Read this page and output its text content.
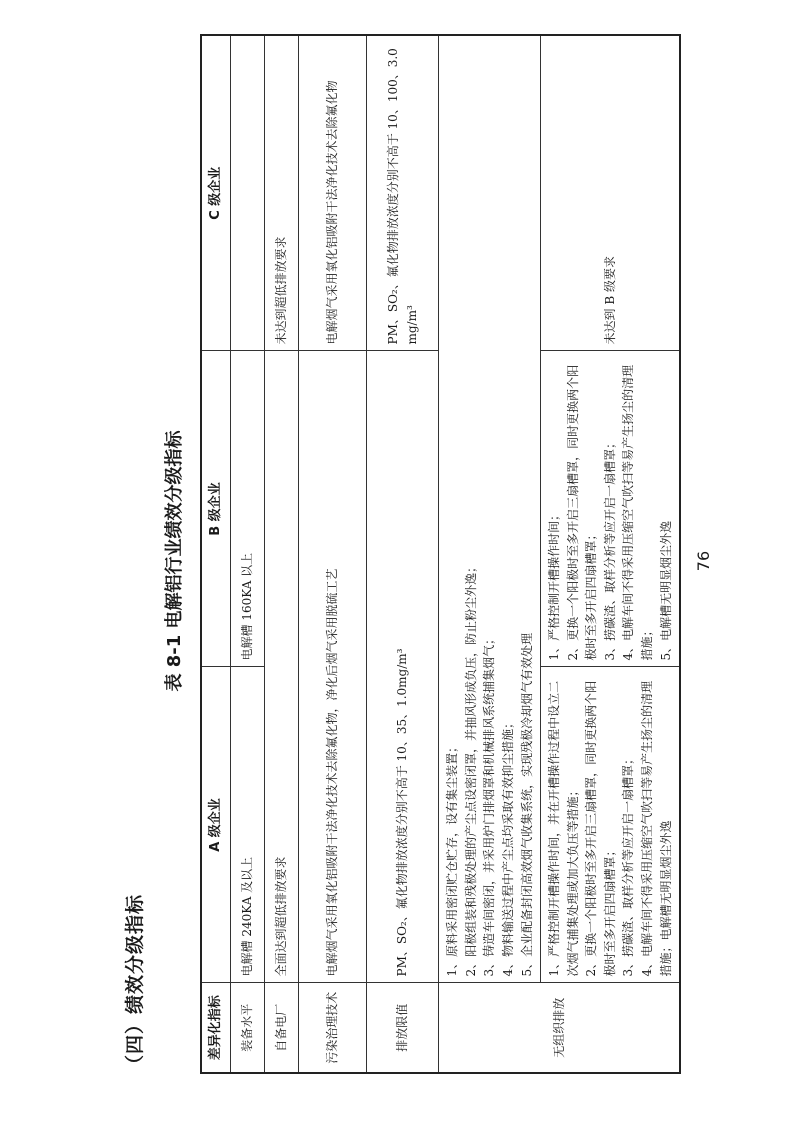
（四）绩效分级指标
表 8-1 电解铝行业绩效分级指标
差异化指标	A 级企业	B 级企业	C 级企业
装备水平	电解槽 240KA 及以上	电解槽 160KA 以上	
自备电厂	全面达到超低排放要求		未达到超低排放要求
污染治理技术	电解烟气采用氧化铝吸附干法净化技术去除氟化物，净化后烟气采用脱硫工艺		电解烟气采用氧化铝吸附干法净化技术去除氟化物
排放限值	PM、SO₂、氟化物排放浓度分别不高于 10、35、1.0mg/m³		PM、SO₂、氟化物排放浓度分别不高于 10、100、3.0 mg/m³
无组织排放	1、原料采用密闭贮仓贮存，设有集尘装置； 2、阳极组装和残极处理的产尘点设密闭罩，并抽风形成负压，防止粉尘外逸； 3、铸造车间密闭，并采用炉门排烟罩和机械排风系统捕集烟气； 4、物料输送过程中产尘点均采取有效抑尘措施； 5、企业配备封闭高效烟气收集系统，实现残极冷却烟气有效处理		

	1、严格控制开槽操作时间，并在开槽操作过程中设立二次烟气捕集处理或加大负压等措施； 2、更换一个阳极时至多开启三扇槽罩，同时更换两个阳极时至多开启四扇槽罩； 3、捞碳渣、取样分析等应开启一扇槽罩； 4、电解车间不得采用压缩空气吹扫等易产生扬尘的清理措施；电解槽无明显烟尘外逸	1、严格控制开槽操作时间； 2、更换一个阳极时至多开启三扇槽罩，同时更换两个阳极时至多开启四扇槽罩； 3、捞碳渣、取样分析等应开启一扇槽罩； 4、电解车间不得采用压缩空气吹扫等易产生扬尘的清理措施； 5、电解槽无明显烟尘外逸	未达到 B 级要求
76
